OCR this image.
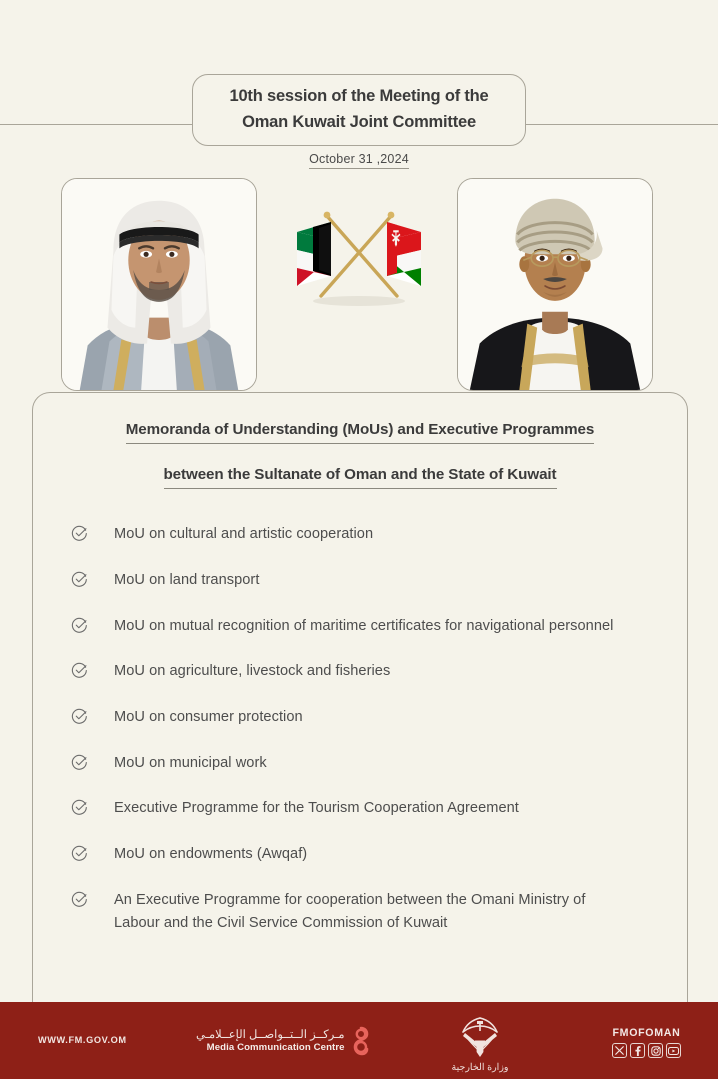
10th session of the Meeting of the
Oman Kuwait Joint Committee
October 31 ,2024
Memoranda of Understanding (MoUs) and Executive Programmes
between the Sultanate of Oman and the State of Kuwait
MoU on cultural and artistic cooperation
MoU on land transport
MoU on mutual recognition of maritime certificates for navigational personnel
MoU on agriculture, livestock and fisheries
MoU on consumer protection
MoU on municipal work
Executive Programme for the Tourism Cooperation Agreement
MoU on endowments (Awqaf)
An Executive Programme for cooperation between the Omani Ministry of Labour and the Civil Service Commission of Kuwait
WWW.FM.GOV.OM	مـركــز الــتــواصــل الإعــلامـي
Media Communication Centre
وزارة الخارجية
FMOFOMAN
